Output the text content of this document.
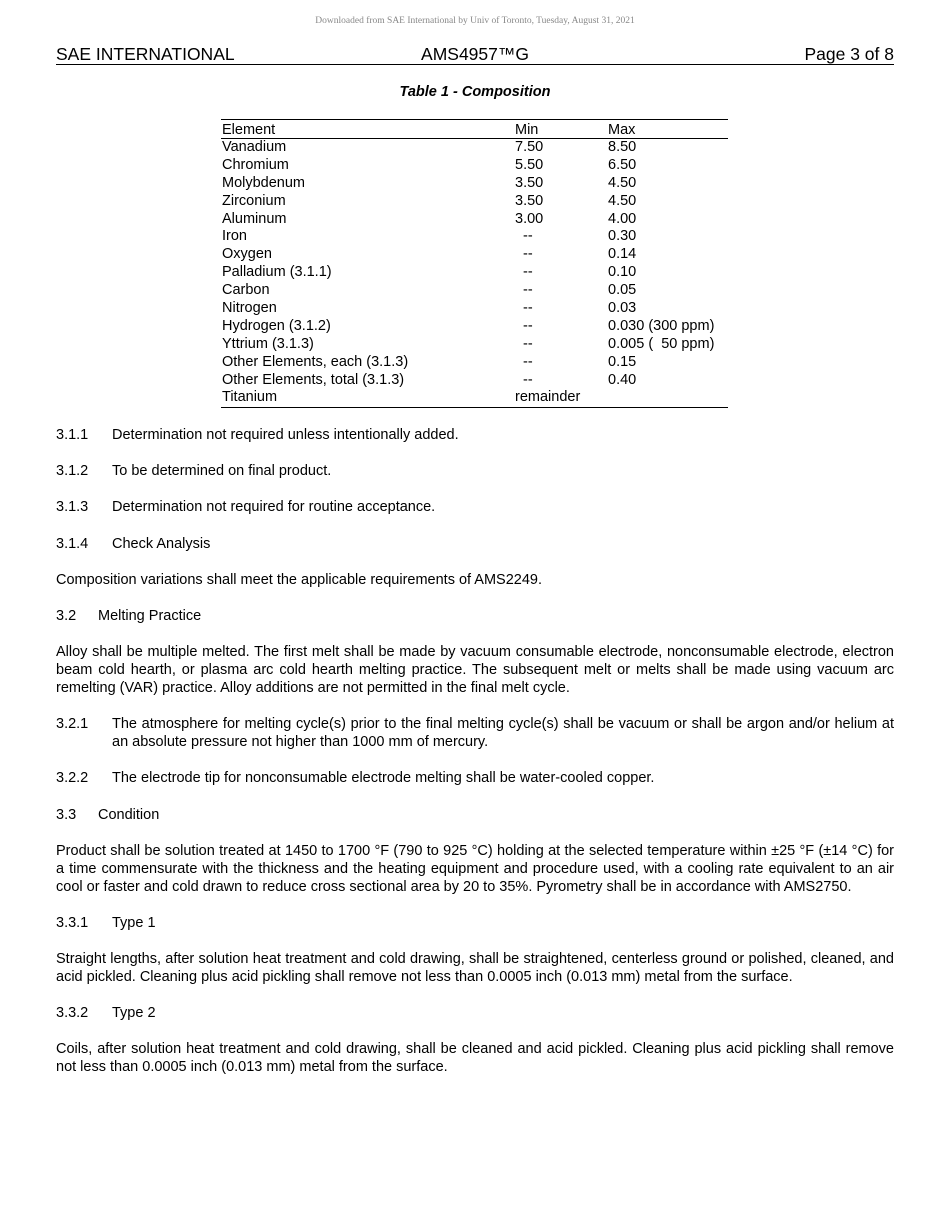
Downloaded from SAE International by Univ of Toronto, Tuesday, August 31, 2021
SAE INTERNATIONAL	AMS4957™G	Page 3 of 8
Table 1 - Composition
Element	Min	Max
Vanadium	7.50	8.50
Chromium	5.50	6.50
Molybdenum	3.50	4.50
Zirconium	3.50	4.50
Aluminum	3.00	4.00
Iron	--	0.30
Oxygen	--	0.14
Palladium (3.1.1)	--	0.10
Carbon	--	0.05
Nitrogen	--	0.03
Hydrogen (3.1.2)	--	0.030 (300 ppm)
Yttrium (3.1.3)	--	0.005 (  50 ppm)
Other Elements, each (3.1.3)	--	0.15
Other Elements, total (3.1.3)	--	0.40
Titanium	remainder
3.1.1 Determination not required unless intentionally added.
3.1.2 To be determined on final product.
3.1.3 Determination not required for routine acceptance.
3.1.4 Check Analysis

Composition variations shall meet the applicable requirements of AMS2249.

3.2 Melting Practice

Alloy shall be multiple melted. The first melt shall be made by vacuum consumable electrode, nonconsumable electrode, electron beam cold hearth, or plasma arc cold hearth melting practice. The subsequent melt or melts shall be made using vacuum arc remelting (VAR) practice. Alloy additions are not permitted in the final melt cycle.

3.2.1 The atmosphere for melting cycle(s) prior to the final melting cycle(s) shall be vacuum or shall be argon and/or helium at an absolute pressure not higher than 1000 mm of mercury.
3.2.2 The electrode tip for nonconsumable electrode melting shall be water-cooled copper.
3.3 Condition

Product shall be solution treated at 1450 to 1700 °F (790 to 925 °C) holding at the selected temperature within ±25 °F (±14 °C) for a time commensurate with the thickness and the heating equipment and procedure used, with a cooling rate equivalent to an air cool or faster and cold drawn to reduce cross sectional area by 20 to 35%. Pyrometry shall be in accordance with AMS2750.

3.3.1 Type 1

Straight lengths, after solution heat treatment and cold drawing, shall be straightened, centerless ground or polished, cleaned, and acid pickled. Cleaning plus acid pickling shall remove not less than 0.0005 inch (0.013 mm) metal from the surface.

3.3.2 Type 2

Coils, after solution heat treatment and cold drawing, shall be cleaned and acid pickled. Cleaning plus acid pickling shall remove not less than 0.0005 inch (0.013 mm) metal from the surface.
